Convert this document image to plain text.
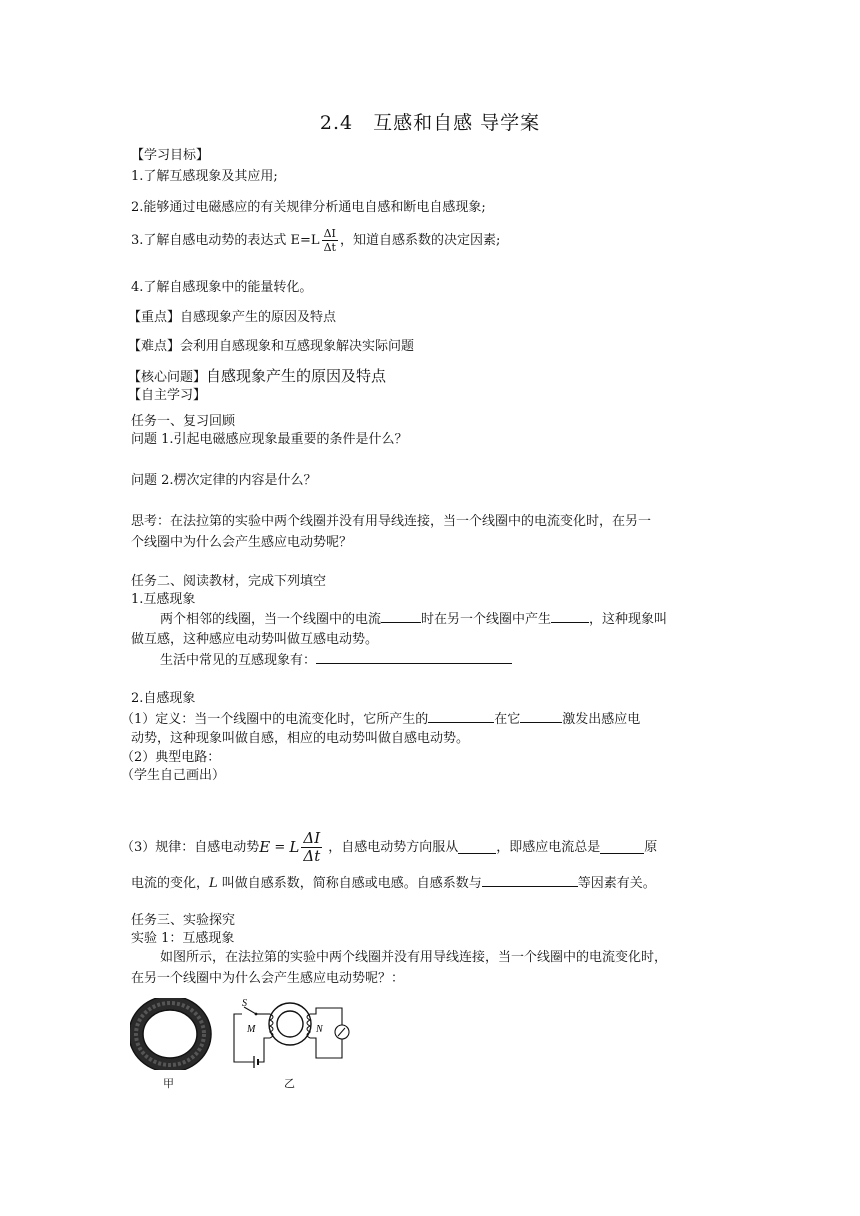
2.4　互感和自感 导学案
【学习目标】
1.了解互感现象及其应用;
2.能够通过电磁感应的有关规律分析通电自感和断电自感现象;
3.了解自感电动势的表达式 $E=L \frac{\Delta I}{\Delta t}$ ，知道自感系数的决定因素;
4.了解自感现象中的能量转化。
【重点】自感现象产生的原因及特点
【难点】会利用自感现象和互感现象解决实际问题
【核心问题】自感现象产生的原因及特点
【自主学习】
任务一、复习回顾
问题 1.引起电磁感应现象最重要的条件是什么？
问题 2.楞次定律的内容是什么？
思考：在法拉第的实验中两个线圈并没有用导线连接，当一个线圈中的电流变化时，在另一
个线圈中为什么会产生感应电动势呢？
任务二、阅读教材，完成下列填空
1.互感现象
两个相邻的线圈，当一个线圈中的电流	时在另一个线圈中产生	，这种现象叫
做互感，这种感应电动势叫做互感电动势。
生活中常见的互感现象有：
2.自感现象
（1）定义：当一个线圈中的电流变化时，它所产生的	在它	激发出感应电
动势，这种现象叫做自感，相应的电动势叫做自感电动势。
（2）典型电路：
（学生自己画出）
（3）规律：自感电动势E = L $\frac{\Delta I}{\Delta t}$ ，自感电动势方向服从	，即感应电流总是	原
电流的变化，L 叫做自感系数，简称自感或电感。自感系数与	等因素有关。
任务三、实验探究
实验 1：互感现象
如图所示，在法拉第的实验中两个线圈并没有用导线连接，当一个线圈中的电流变化时，
在另一个线圈中为什么会产生感应电动势呢？：
甲
S
M	N
乙
